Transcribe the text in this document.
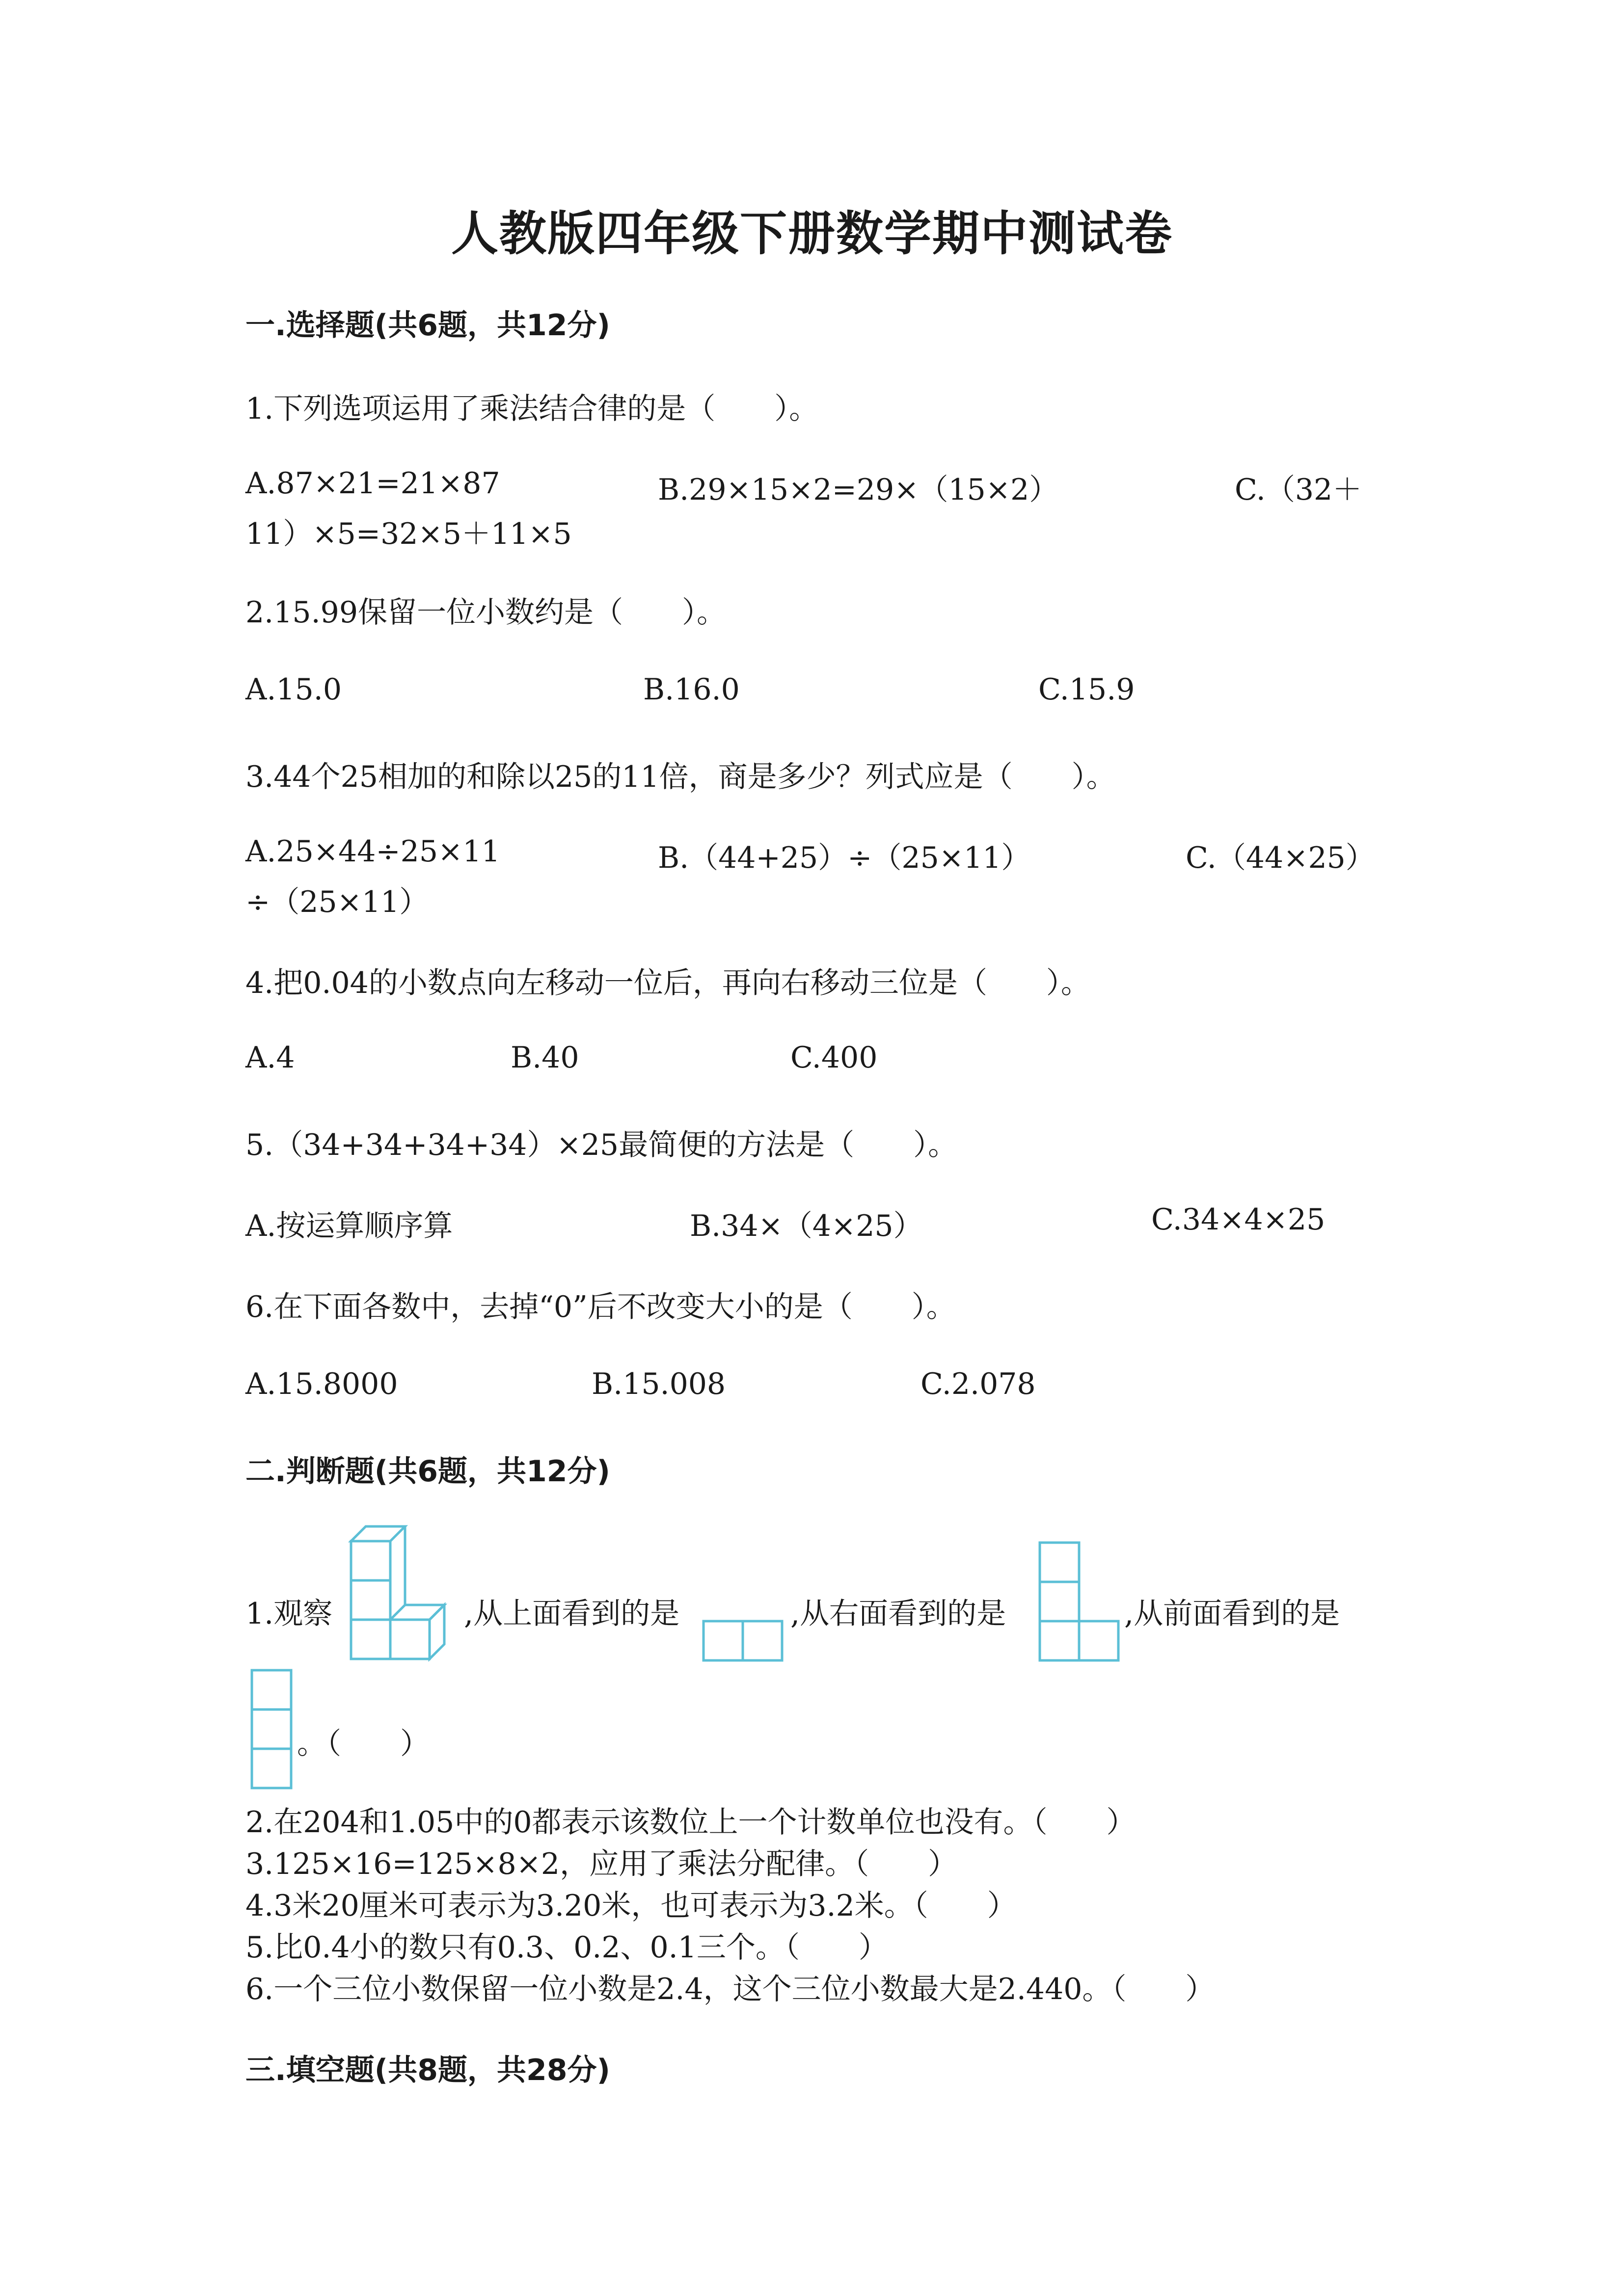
人教版四年级下册数学期中测试卷
一.选择题(共6题，共12分)
1.下列选项运用了乘法结合律的是（　　）。
A.87×21=21×87	B.29×15×2=29×（15×2）	C.（32＋
11）×5=32×5＋11×5
2.15.99保留一位小数约是（　　）。
A.15.0	B.16.0	C.15.9
3.44个25相加的和除以25的11倍，商是多少？列式应是（　　）。
A.25×44÷25×11	B.（44+25）÷（25×11）	C.（44×25）
÷（25×11）
4.把0.04的小数点向左移动一位后，再向右移动三位是（　　）。
A.4	B.40	C.400
5.（34+34+34+34）×25最简便的方法是（　　）。
A.按运算顺序算	B.34×（4×25）	C.34×4×25
6.在下面各数中，去掉“0”后不改变大小的是（　　）。
A.15.8000	B.15.008	C.2.078
二.判断题(共6题，共12分)
1.观察	,从上面看到的是	,从右面看到的是	,从前面看到的是
。（　　）
2.在204和1.05中的0都表示该数位上一个计数单位也没有。（　　）
3.125×16=125×8×2，应用了乘法分配律。（　　）
4.3米20厘米可表示为3.20米，也可表示为3.2米。（　　）
5.比0.4小的数只有0.3、0.2、0.1三个。（　　）
6.一个三位小数保留一位小数是2.4，这个三位小数最大是2.440。（　　）
三.填空题(共8题，共28分)
